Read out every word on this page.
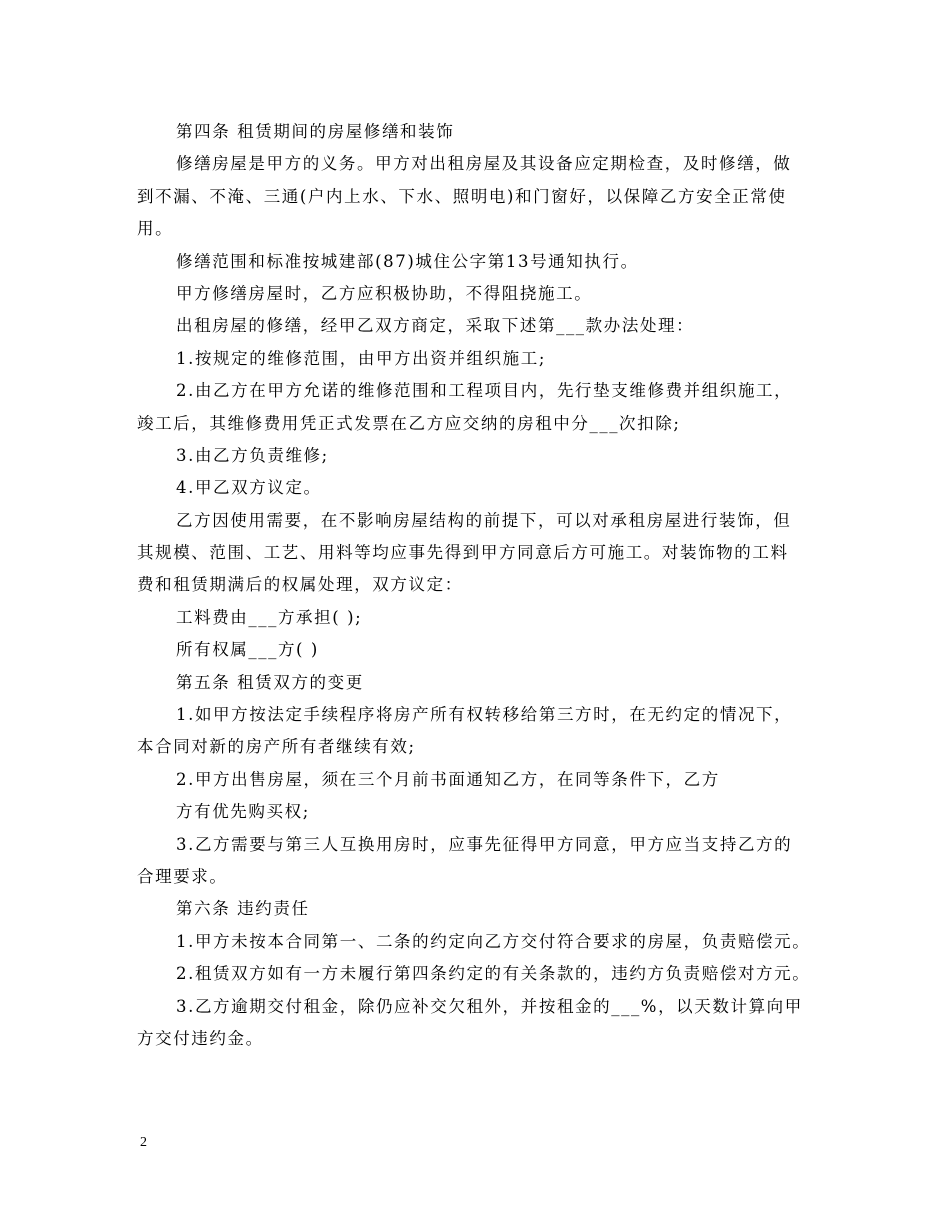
第四条 租赁期间的房屋修缮和装饰
修缮房屋是甲方的义务。甲方对出租房屋及其设备应定期检查，及时修缮，做
到不漏、不淹、三通(户内上水、下水、照明电)和门窗好，以保障乙方安全正常使
用。
修缮范围和标准按城建部(87)城住公字第13号通知执行。
甲方修缮房屋时，乙方应积极协助，不得阻挠施工。
出租房屋的修缮，经甲乙双方商定，采取下述第___款办法处理：
1.按规定的维修范围，由甲方出资并组织施工;
2.由乙方在甲方允诺的维修范围和工程项目内，先行垫支维修费并组织施工，
竣工后，其维修费用凭正式发票在乙方应交纳的房租中分___次扣除;
3.由乙方负责维修;
4.甲乙双方议定。
乙方因使用需要，在不影响房屋结构的前提下，可以对承租房屋进行装饰，但
其规模、范围、工艺、用料等均应事先得到甲方同意后方可施工。对装饰物的工料
费和租赁期满后的权属处理，双方议定：
工料费由___方承担( );
所有权属___方( )
第五条 租赁双方的变更
1.如甲方按法定手续程序将房产所有权转移给第三方时，在无约定的情况下，
本合同对新的房产所有者继续有效;
2.甲方出售房屋，须在三个月前书面通知乙方，在同等条件下，乙方
方有优先购买权;
3.乙方需要与第三人互换用房时，应事先征得甲方同意，甲方应当支持乙方的
合理要求。
第六条 违约责任
1.甲方未按本合同第一、二条的约定向乙方交付符合要求的房屋，负责赔偿元。
2.租赁双方如有一方未履行第四条约定的有关条款的，违约方负责赔偿对方元。
3.乙方逾期交付租金，除仍应补交欠租外，并按租金的___%，以天数计算向甲
方交付违约金。
2
